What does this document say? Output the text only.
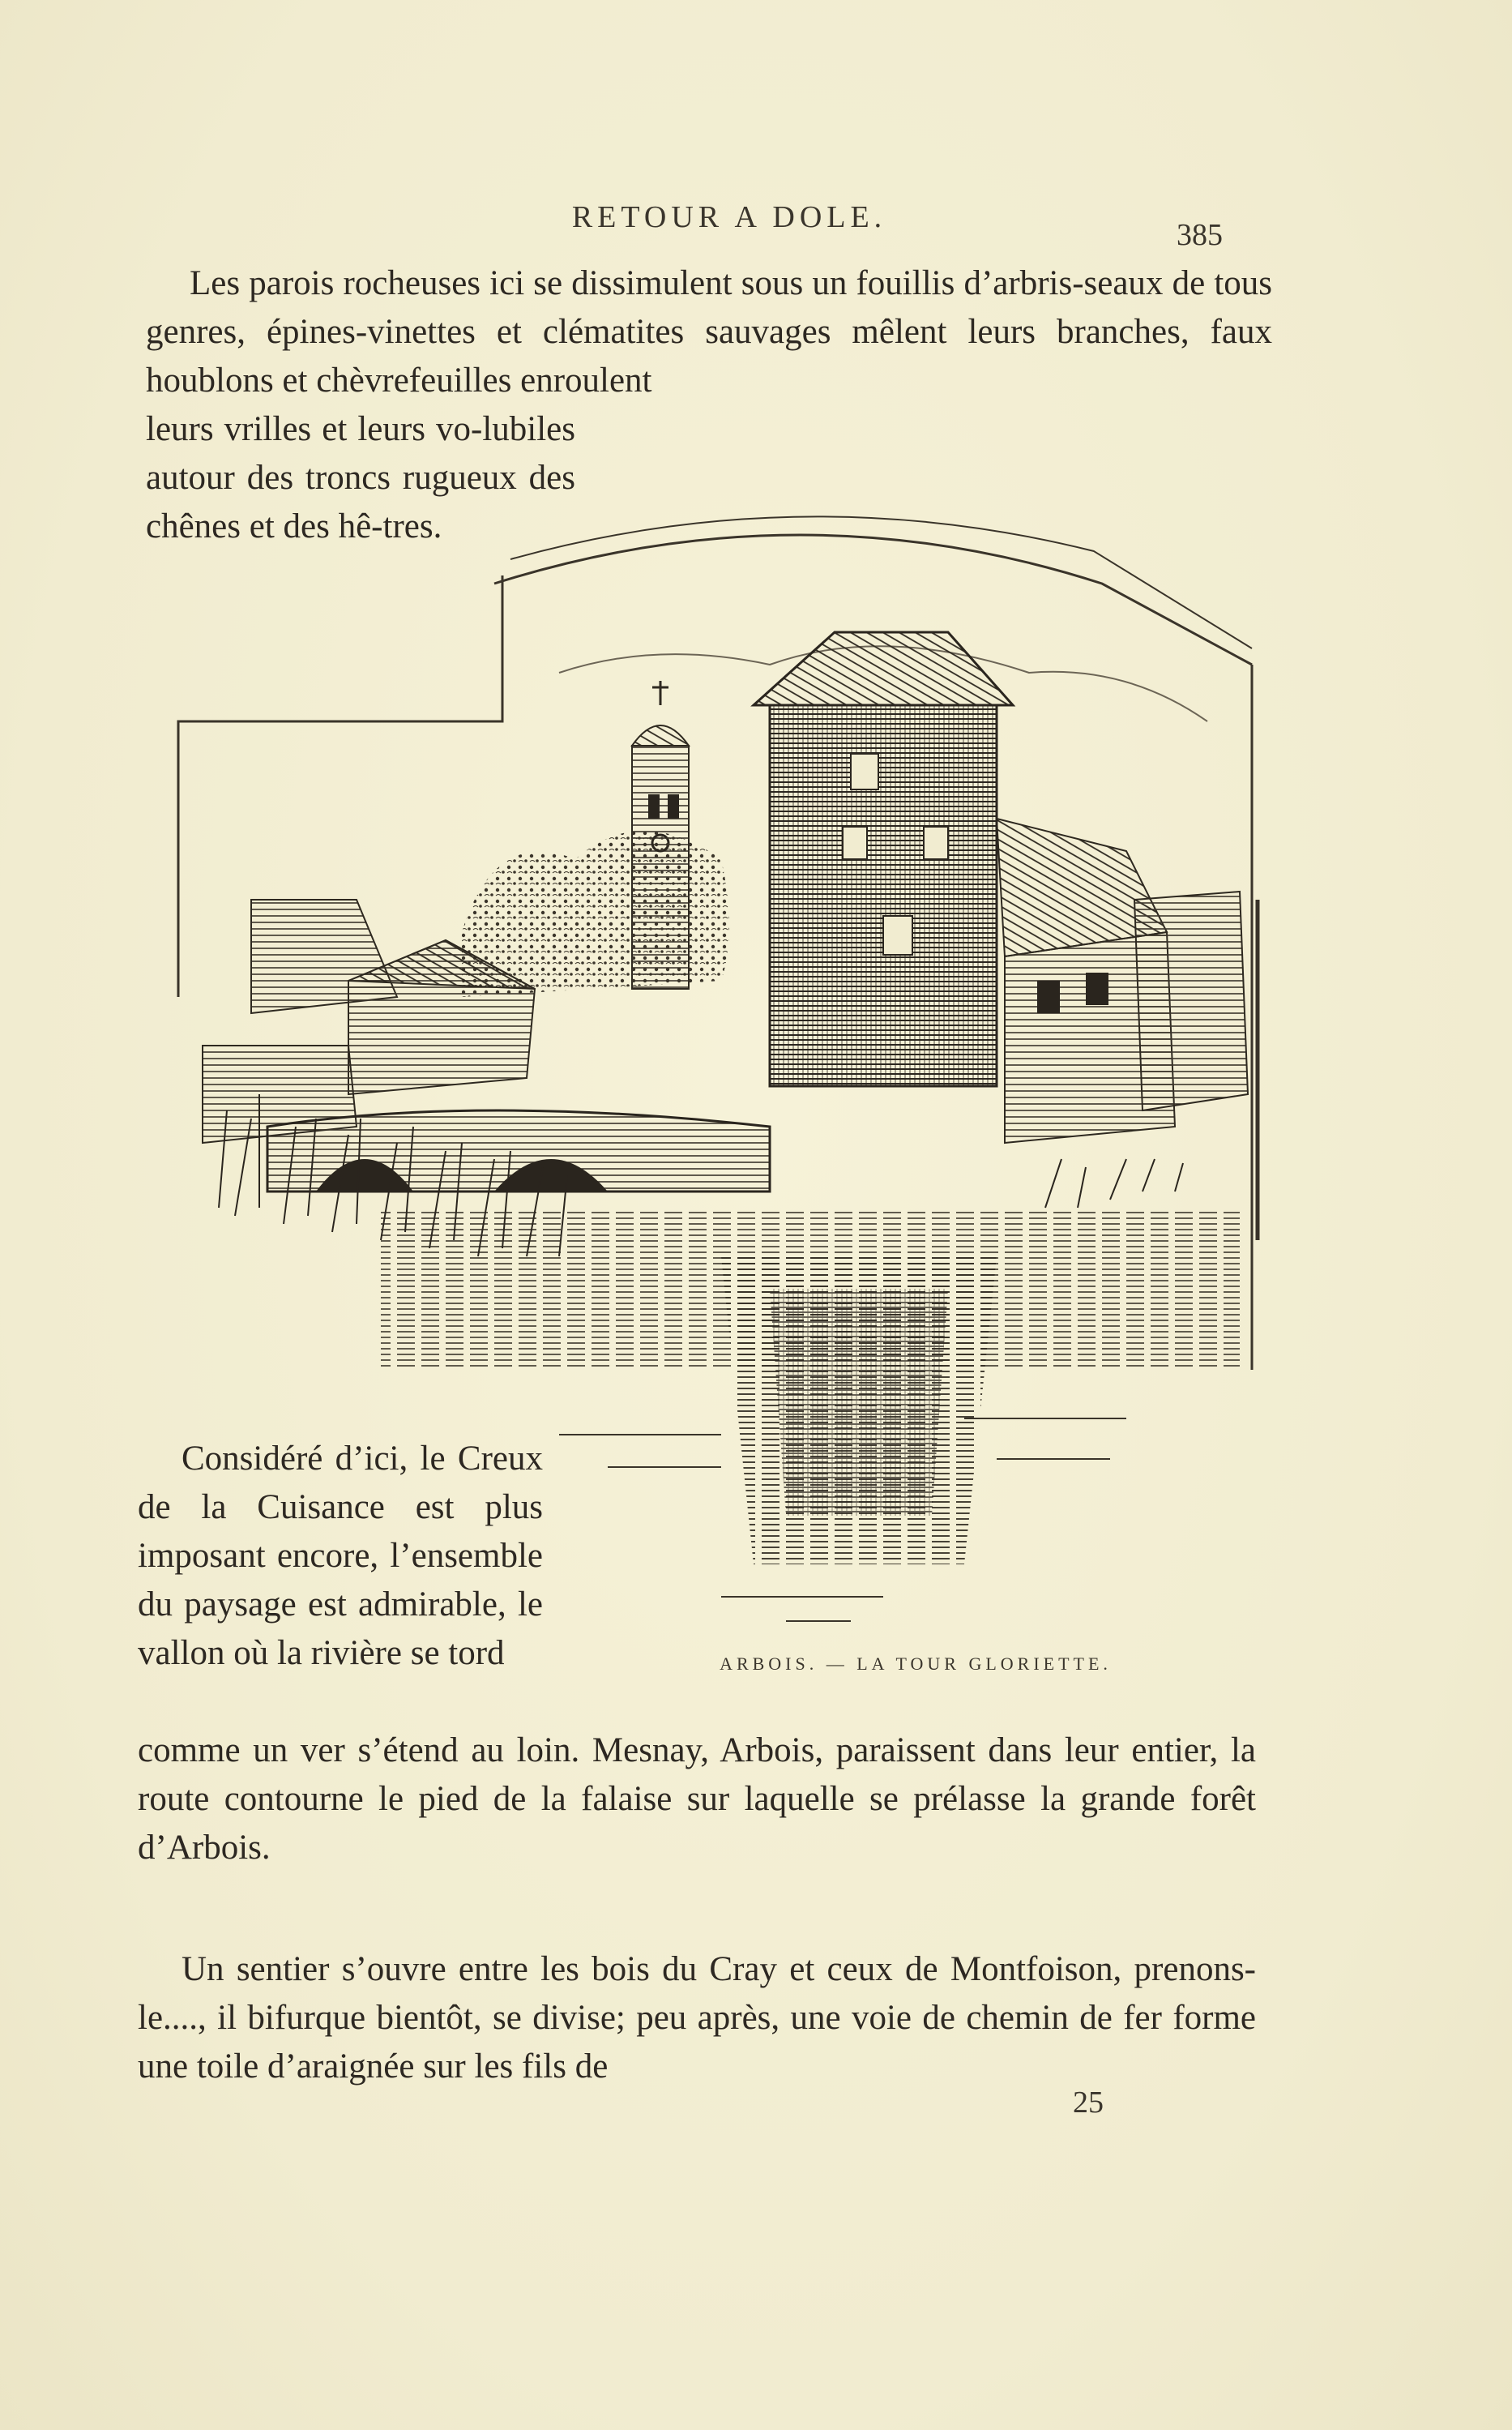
RETOUR A DOLE.
385

Les parois rocheuses ici se dissimulent sous un fouillis d’arbris-seaux de tous genres, épines-vinettes et clématites sauvages mêlent leurs branches, faux houblons et chèvrefeuilles enroulent

leurs vrilles et leurs vo-lubiles autour des troncs rugueux des chênes et des hê-tres.

ARBOIS. — LA TOUR GLORIETTE.

Considéré d’ici, le Creux de la Cuisance est plus imposant encore, l’ensemble du paysage est admirable, le vallon où la rivière se tord

comme un ver s’étend au loin. Mesnay, Arbois, paraissent dans leur entier, la route contourne le pied de la falaise sur laquelle se prélasse la grande forêt d’Arbois.

Un sentier s’ouvre entre les bois du Cray et ceux de Montfoison, prenons-le...., il bifurque bientôt, se divise; peu après, une voie de chemin de fer forme une toile d’araignée sur les fils de

25
